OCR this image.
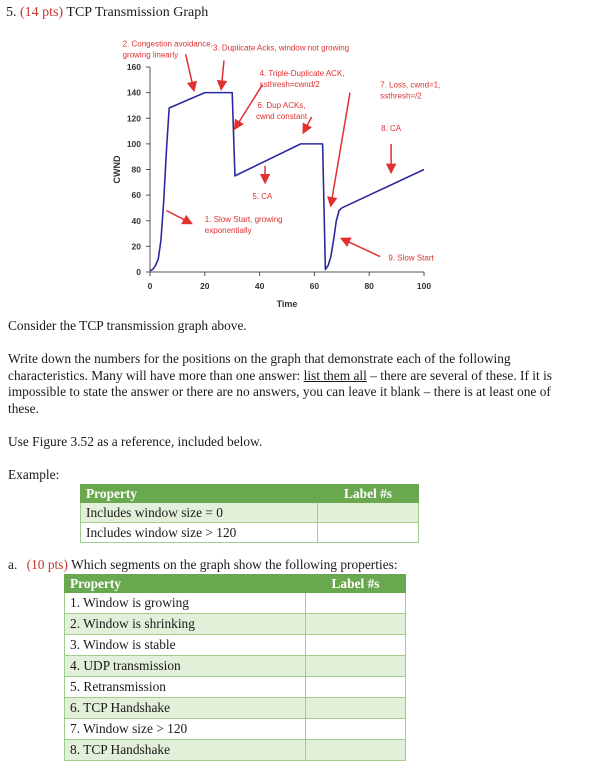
5. (14 pts) TCP Transmission Graph
0
20
40
60
80
100
120
140
160
0	20	40	60	80	100
Time
CWND
1. Slow Start, growing exponentially
2. Congestion avoidance, growing linearly
3. Duplicate Acks, window not growing
4. Triple-Duplicate ACK, ssthresh=cwnd/2
5. CA
6. Dup ACKs, cwnd constant
7. Loss, cwnd=1, ssthresh=/2
8. CA
9. Slow Start
Consider the TCP transmission graph above.
Write down the numbers for the positions on the graph that demonstrate each of the following characteristics. Many will have more than one answer: list them all – there are several of these. If it is impossible to state the answer or there are no answers, you can leave it blank – there is at least one of these.
Use Figure 3.52 as a reference, included below.
Example:
Property	Label #s
Includes window size = 0	
Includes window size > 120	
a. (10 pts) Which segments on the graph show the following properties:
Property	Label #s
1. Window is growing	
2. Window is shrinking	
3. Window is stable	
4. UDP transmission	
5. Retransmission	
6. TCP Handshake	
7. Window size > 120	
8. TCP Handshake	
